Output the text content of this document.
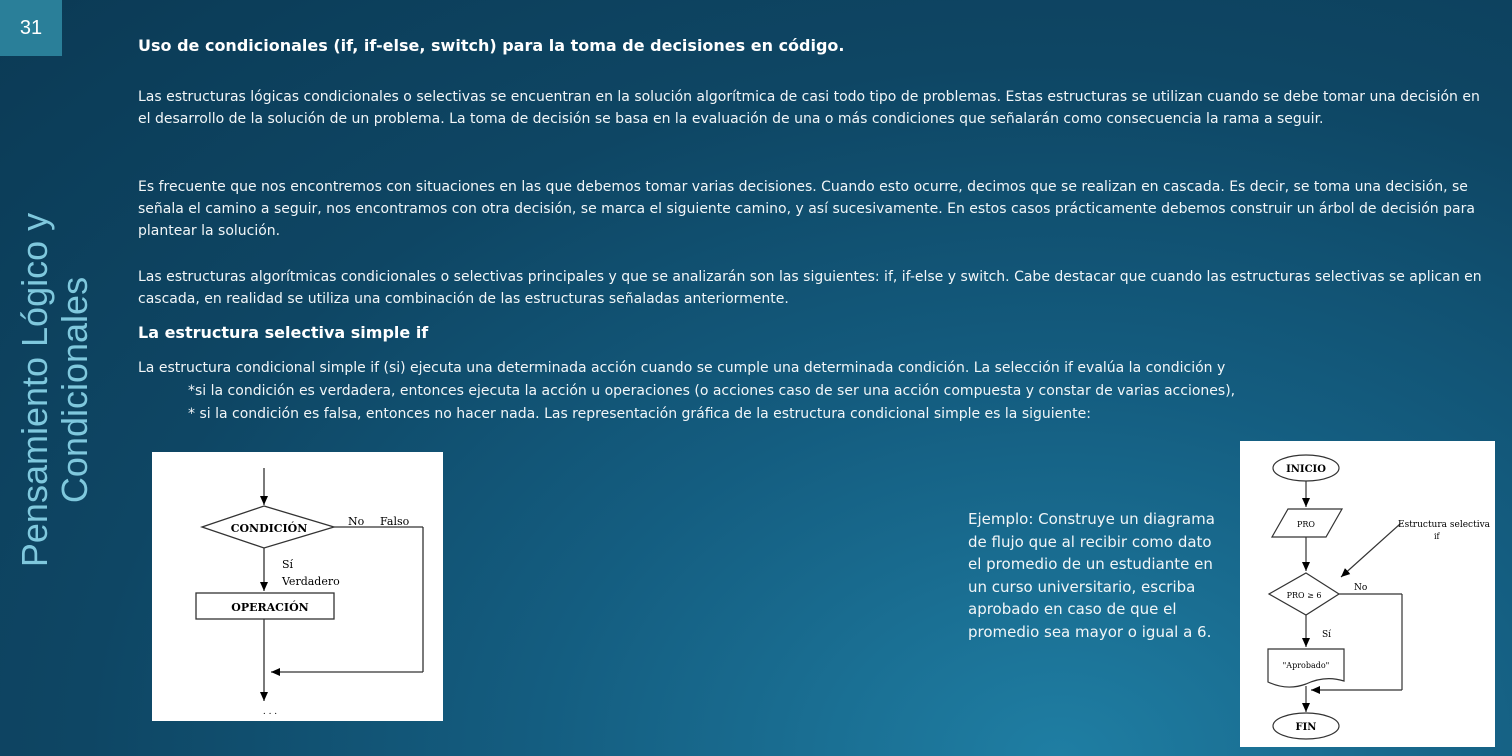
31
Pensamiento Lógico y Condicionales
Uso de condicionales (if, if-else, switch) para la toma de decisiones en código.

Las estructuras lógicas condicionales o selectivas se encuentran en la solución algorítmica de casi todo tipo de problemas. Estas estructuras se utilizan cuando se debe tomar una decisión en el desarrollo de la solución de un problema. La toma de decisión se basa en la evaluación de una o más condiciones que señalarán como consecuencia la rama a seguir.

Es frecuente que nos encontremos con situaciones en las que debemos tomar varias decisiones. Cuando esto ocurre, decimos que se realizan en cascada. Es decir, se toma una decisión, se señala el camino a seguir, nos encontramos con otra decisión, se marca el siguiente camino, y así sucesivamente. En estos casos prácticamente debemos construir un árbol de decisión para plantear la solución.

Las estructuras algorítmicas condicionales o selectivas principales y que se analizarán son las siguientes: if, if-else y switch. Cabe destacar que cuando las estructuras selectivas se aplican en cascada, en realidad se utiliza una combinación de las estructuras señaladas anteriormente.

La estructura selectiva simple if

La estructura condicional simple if (si) ejecuta una determinada acción cuando se cumple una determinada condición. La selección if evalúa la condición y

*si la condición es verdadera, entonces ejecuta la acción u operaciones (o acciones caso de ser una acción compuesta y constar de varias acciones),

* si la condición es falsa, entonces no hacer nada. Las representación gráfica de la estructura condicional simple es la siguiente:

CONDICIÓN
No Falso
Sí
Verdadero
OPERACIÓN
. . .
Ejemplo: Construye un diagrama de flujo que al recibir como dato el promedio de un estudiante en un curso universitario, escriba aprobado en caso de que el promedio sea mayor o igual a 6.
INICIO
PRO	Estructura selectiva
if
PRO ≥ 6
No
Sí
"Aprobado"
FIN
